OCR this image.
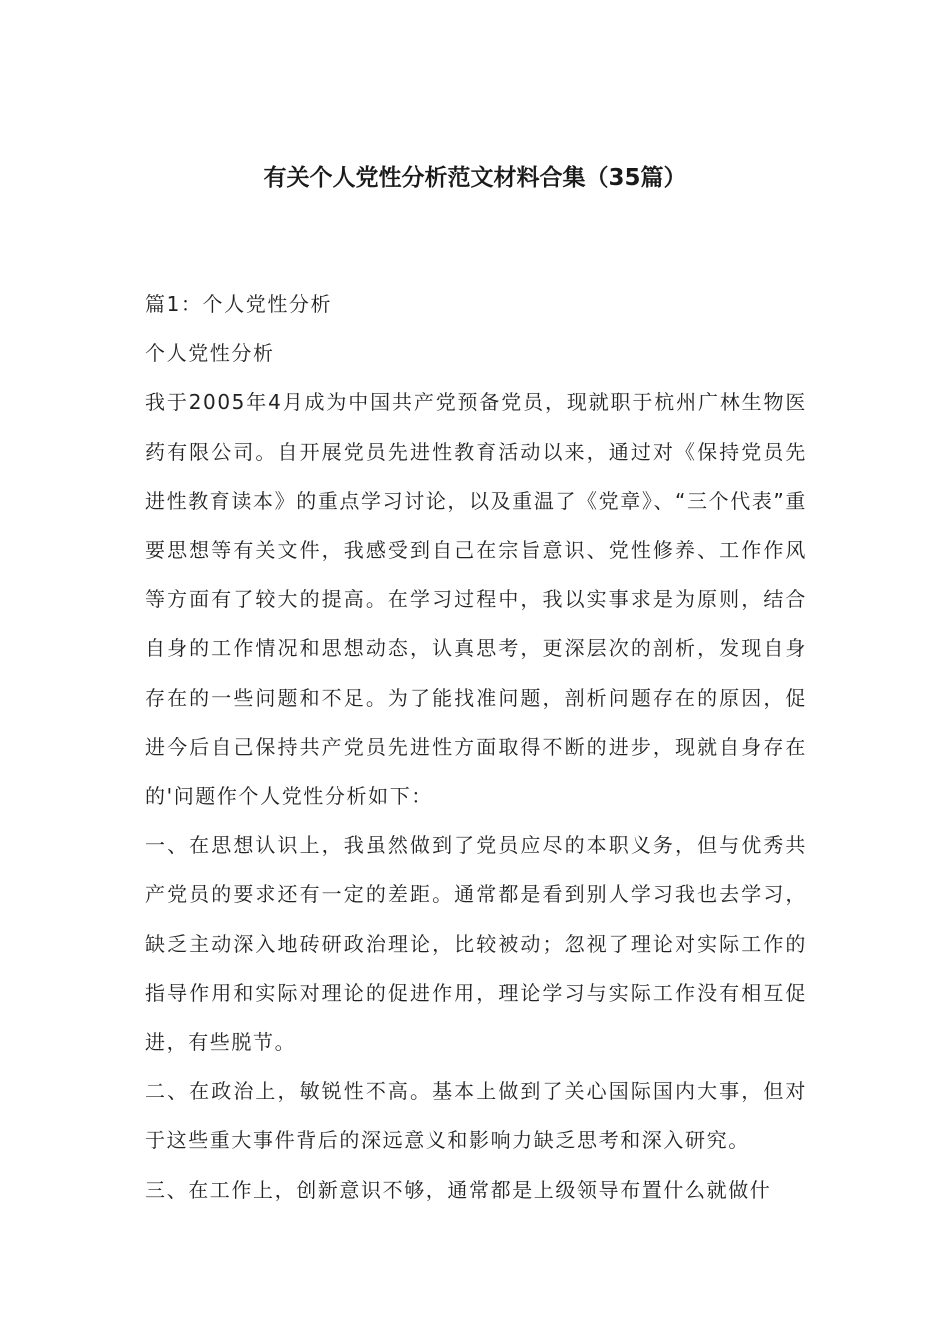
有关个人党性分析范文材料合集（35篇）

篇1：个人党性分析

个人党性分析

我于2005年4月成为中国共产党预备党员，现就职于杭州广林生物医药有限公司。自开展党员先进性教育活动以来，通过对《保持党员先进性教育读本》的重点学习讨论，以及重温了《党章》、“三个代表”重要思想等有关文件，我感受到自己在宗旨意识、党性修养、工作作风等方面有了较大的提高。在学习过程中，我以实事求是为原则，结合自身的工作情况和思想动态，认真思考，更深层次的剖析，发现自身存在的一些问题和不足。为了能找准问题，剖析问题存在的原因，促进今后自己保持共产党员先进性方面取得不断的进步，现就自身存在的'问题作个人党性分析如下：

一、在思想认识上，我虽然做到了党员应尽的本职义务，但与优秀共产党员的要求还有一定的差距。通常都是看到别人学习我也去学习，缺乏主动深入地砖研政治理论，比较被动；忽视了理论对实际工作的指导作用和实际对理论的促进作用，理论学习与实际工作没有相互促进，有些脱节。

二、在政治上，敏锐性不高。基本上做到了关心国际国内大事，但对于这些重大事件背后的深远意义和影响力缺乏思考和深入研究。

三、在工作上，创新意识不够，通常都是上级领导布置什么就做什
